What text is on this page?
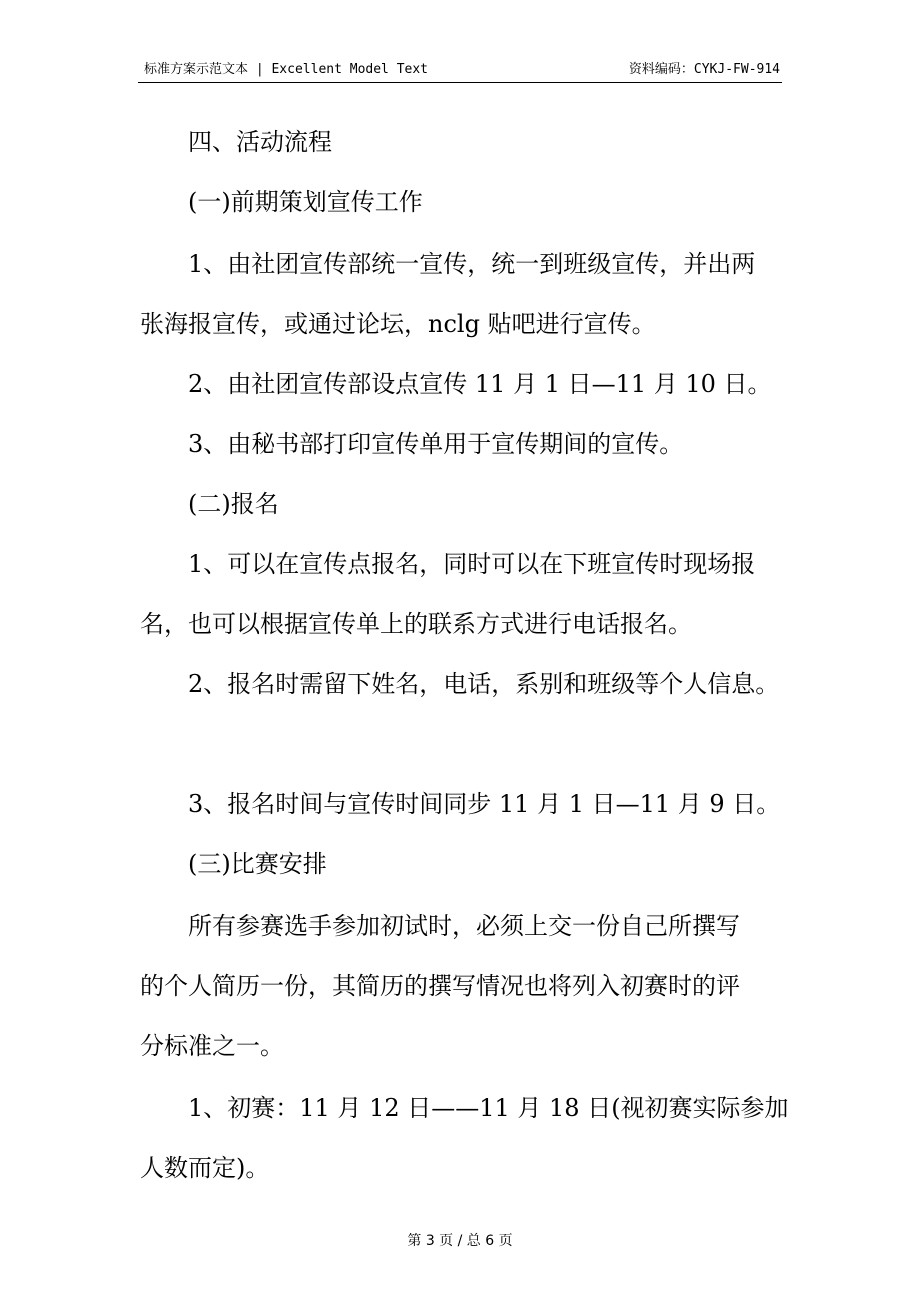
标准方案示范文本 | Excellent Model Text	资料编码：CYKJ-FW-914
四、活动流程
(一)前期策划宣传工作
1、由社团宣传部统一宣传，统一到班级宣传，并出两
张海报宣传，或通过论坛，nclg 贴吧进行宣传。
2、由社团宣传部设点宣传 11 月 1 日—11 月 10 日。
3、由秘书部打印宣传单用于宣传期间的宣传。
(二)报名
1、可以在宣传点报名，同时可以在下班宣传时现场报
名，也可以根据宣传单上的联系方式进行电话报名。
2、报名时需留下姓名，电话，系别和班级等个人信息。
3、报名时间与宣传时间同步 11 月 1 日—11 月 9 日。
(三)比赛安排
所有参赛选手参加初试时，必须上交一份自己所撰写
的个人简历一份，其简历的撰写情况也将列入初赛时的评
分标准之一。
1、初赛：11 月 12 日——11 月 18 日(视初赛实际参加
人数而定)。
第 3 页 / 总 6 页
